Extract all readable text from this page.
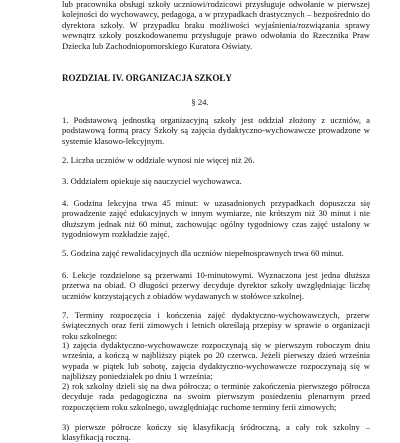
lub pracownika obsługi szkoły uczniowi/rodzicowi przysługuje odwołanie w pierwszej kolejności do wychowawcy, pedagoga, a w przypadkach drastycznych – bezpośrednio do dyrektora szkoły. W przypadku braku możliwości wyjaśnienia/rozwiązania sprawy wewnątrz szkoły poszkodowanemu przysługuje prawo odwołania do Rzecznika Praw Dziecka lub Zachodniopomorskiego Kuratora Oświaty.

ROZDZIAŁ IV. ORGANIZACJA SZKOŁY

§ 24.

1. Podstawową jednostką organizacyjną szkoły jest oddział złożony z uczniów, a podstawową formą pracy Szkoły są zajęcia dydaktyczno-wychowawcze prowadzone w systemie klasowo-lekcyjnym.

2. Liczba uczniów w oddziale wynosi nie więcej niż 26.

3. Oddziałem opiekuje się nauczyciel wychowawca.

4. Godzina lekcyjna trwa 45 minut: w uzasadnionych przypadkach dopuszcza się prowadzenie zajęć edukacyjnych w innym wymiarze, nie krótszym niż 30 minut i nie dłuższym jednak niż 60 minut, zachowując ogólny tygodniowy czas zajęć ustalony w tygodniowym rozkładzie zajęć.

5. Godzina zajęć rewalidacyjnych dla uczniów niepełnosprawnych trwa 60 minut.

6. Lekcje rozdzielone są przerwami 10-minutowymi. Wyznaczona jest jedna dłuższa przerwa na obiad. O długości przerwy decyduje dyrektor szkoły uwzględniając liczbę uczniów korzystających z obiadów wydawanych w stołówce szkolnej.

7. Terminy rozpoczęcia i kończenia zajęć dydaktyczno-wychowawczych, przerw świątecznych oraz ferii zimowych i letnich określają przepisy w sprawie o organizacji roku szkolnego:

1) zajęcia dydaktyczno-wychowawcze rozpoczynają się w pierwszym roboczym dniu września, a kończą w najbliższy piątek po 20 czerwca. Jeżeli pierwszy dzień września wypada w piątek lub sobotę, zajęcia dydaktyczno-wychowawcze rozpoczynają się w najbliższy poniedziałek po dniu 1 września;

2) rok szkolny dzieli się na dwa półrocza; o terminie zakończenia pierwszego półrocza decyduje rada pedagogiczna na swoim pierwszym posiedzeniu plenarnym przed rozpoczęciem roku szkolnego, uwzględniając ruchome terminy ferii zimowych;

3) pierwsze półrocze kończy się klasyfikacją śródroczną, a cały rok szkolny – klasyfikacją roczną.
